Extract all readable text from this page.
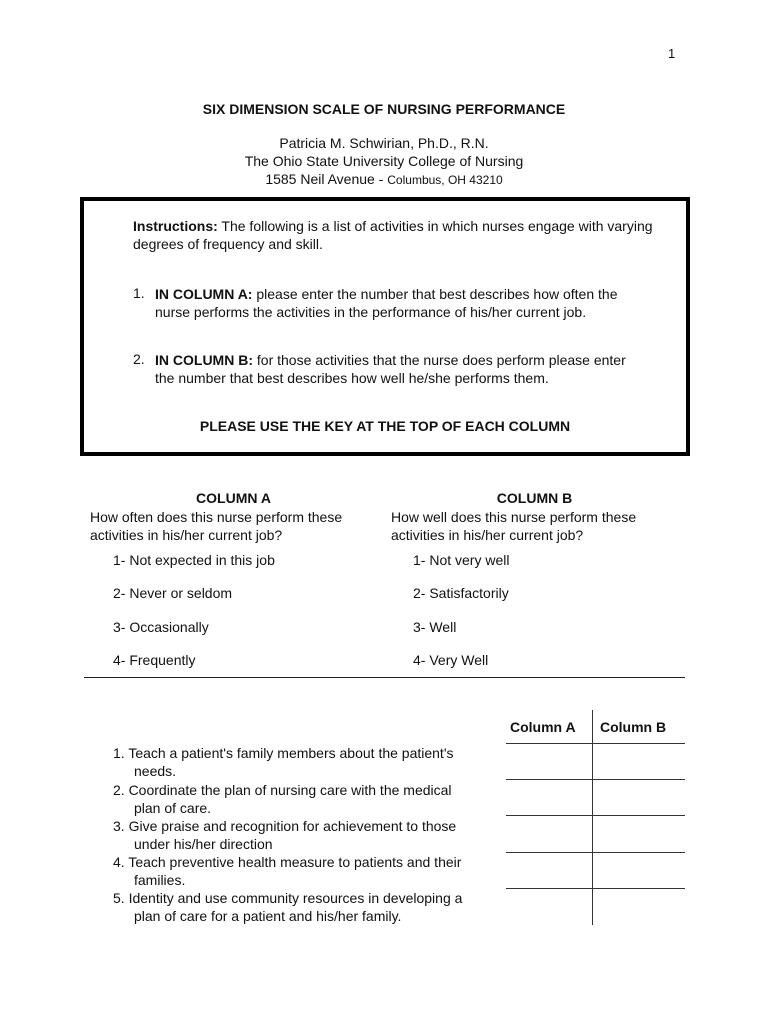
1
SIX DIMENSION SCALE OF NURSING PERFORMANCE
Patricia M. Schwirian, Ph.D., R.N.
The Ohio State University College of Nursing
1585 Neil Avenue - Columbus, OH 43210
Instructions: The following is a list of activities in which nurses engage with varying degrees of frequency and skill.
1. IN COLUMN A: please enter the number that best describes how often the
nurse performs the activities in the performance of his/her current job.
2. IN COLUMN B: for those activities that the nurse does perform please enter
the number that best describes how well he/she performs them.
PLEASE USE THE KEY AT THE TOP OF EACH COLUMN
COLUMN A
How often does this nurse perform these
activities in his/her current job?
1- Not expected in this job
2- Never or seldom
3- Occasionally
4- Frequently
COLUMN B
How well does this nurse perform these
activities in his/her current job?
1- Not very well
2- Satisfactorily
3- Well
4- Very Well
Column A Column B
1. Teach a patient's family members about the patient's
needs.
2. Coordinate the plan of nursing care with the medical
plan of care.
3. Give praise and recognition for achievement to those
under his/her direction
4. Teach preventive health measure to patients and their
families.
5. Identity and use community resources in developing a
plan of care for a patient and his/her family.
